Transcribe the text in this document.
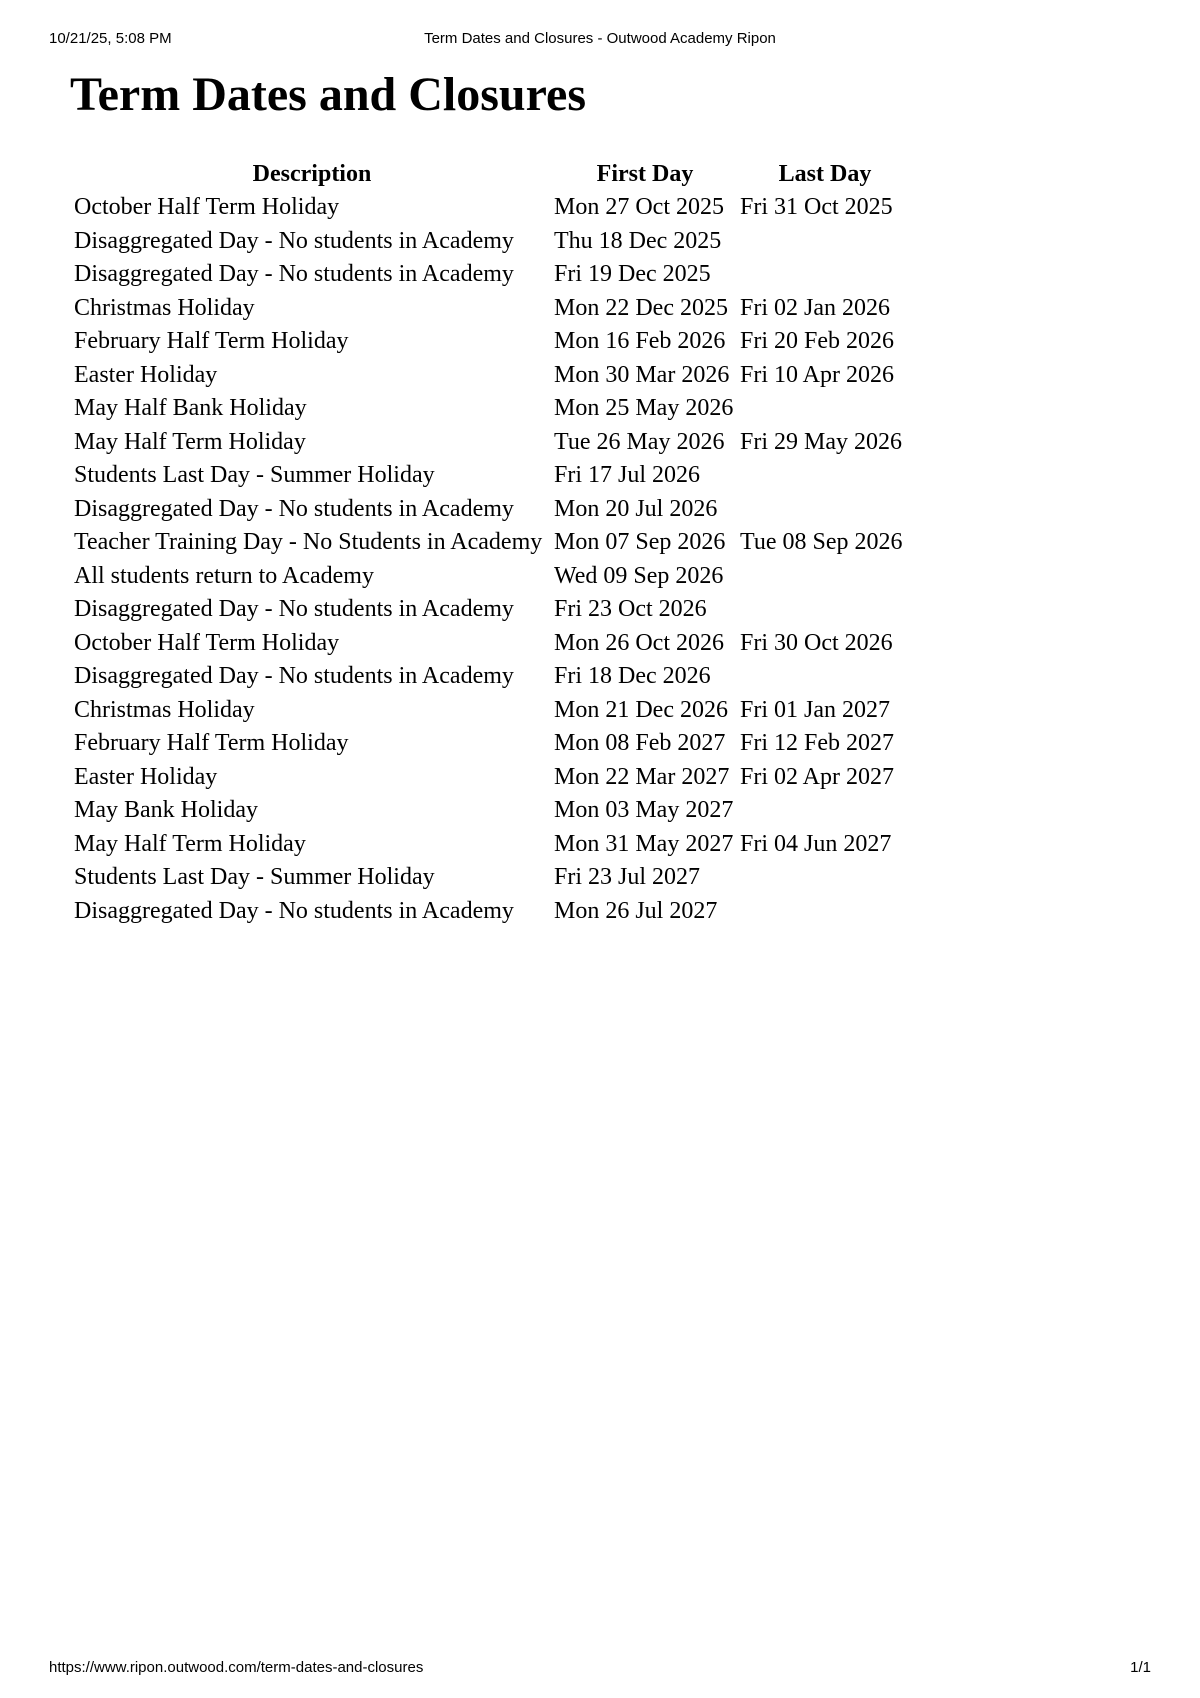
10/21/25, 5:08 PM	Term Dates and Closures - Outwood Academy Ripon
Term Dates and Closures
Description	First Day	Last Day
October Half Term Holiday	Mon 27 Oct 2025	Fri 31 Oct 2025
Disaggregated Day - No students in Academy	Thu 18 Dec 2025	
Disaggregated Day - No students in Academy	Fri 19 Dec 2025	
Christmas Holiday	Mon 22 Dec 2025	Fri 02 Jan 2026
February Half Term Holiday	Mon 16 Feb 2026	Fri 20 Feb 2026
Easter Holiday	Mon 30 Mar 2026	Fri 10 Apr 2026
May Half Bank Holiday	Mon 25 May 2026	
May Half Term Holiday	Tue 26 May 2026	Fri 29 May 2026
Students Last Day - Summer Holiday	Fri 17 Jul 2026	
Disaggregated Day - No students in Academy	Mon 20 Jul 2026	
Teacher Training Day - No Students in Academy	Mon 07 Sep 2026	Tue 08 Sep 2026
All students return to Academy	Wed 09 Sep 2026	
Disaggregated Day - No students in Academy	Fri 23 Oct 2026	
October Half Term Holiday	Mon 26 Oct 2026	Fri 30 Oct 2026
Disaggregated Day - No students in Academy	Fri 18 Dec 2026	
Christmas Holiday	Mon 21 Dec 2026	Fri 01 Jan 2027
February Half Term Holiday	Mon 08 Feb 2027	Fri 12 Feb 2027
Easter Holiday	Mon 22 Mar 2027	Fri 02 Apr 2027
May Bank Holiday	Mon 03 May 2027	
May Half Term Holiday	Mon 31 May 2027	Fri 04 Jun 2027
Students Last Day - Summer Holiday	Fri 23 Jul 2027	
Disaggregated Day - No students in Academy	Mon 26 Jul 2027	
https://www.ripon.outwood.com/term-dates-and-closures	1/1
